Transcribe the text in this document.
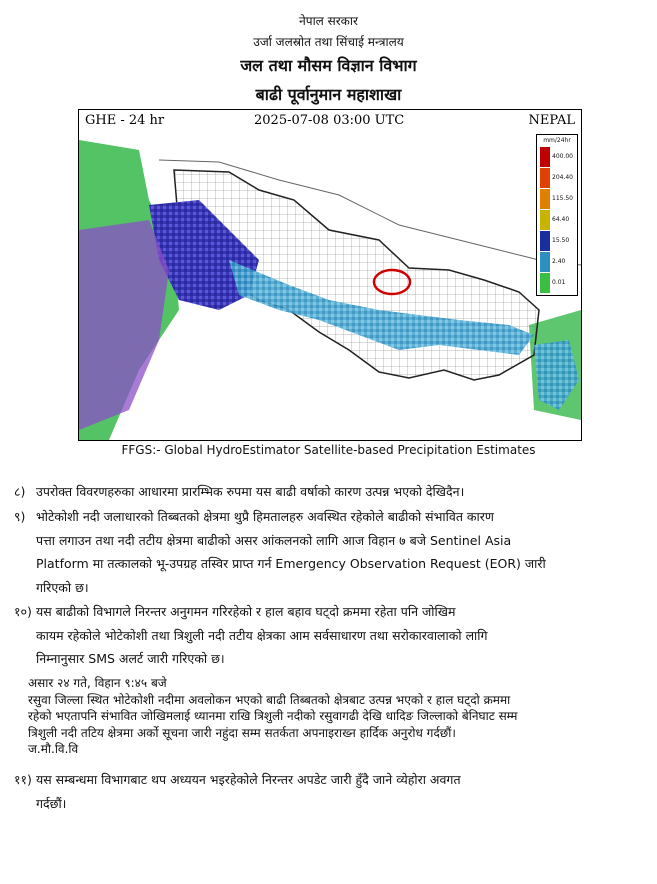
नेपाल सरकार
उर्जा जलस्रोत तथा सिंचाई मन्त्रालय
जल तथा मौसम विज्ञान विभाग
बाढी पूर्वानुमान महाशाखा
GHE - 24 hr	2025-07-08 03:00 UTC	NEPAL
mm/24hr
400.00
204.40
115.50
64.40
15.50
2.40
0.01
FFGS:- Global HydroEstimator Satellite-based Precipitation Estimates
८) उपरोक्त विवरणहरुका आधारमा प्रारम्भिक रुपमा यस बाढी वर्षाको कारण उत्पन्न भएको देखिदैन।
९) भोटेकोशी नदी जलाधारको तिब्बतको क्षेत्रमा थुप्रै हिमतालहरु अवस्थित रहेकोले बाढीको संभावित कारण
पत्ता लगाउन तथा नदी तटीय क्षेत्रमा बाढीको असर आंकलनको लागि आज विहान ७ बजे Sentinel Asia
Platform मा तत्कालको भू-उपग्रह तस्विर प्राप्त गर्न Emergency Observation Request (EOR) जारी
गरिएको छ।
१०) यस बाढीको विभागले निरन्तर अनुगमन गरिरहेको र हाल बहाव घट्दो क्रममा रहेता पनि जोखिम
कायम रहेकोले भोटेकोशी तथा त्रिशुली नदी तटीय क्षेत्रका आम सर्वसाधारण तथा सरोकारवालाको लागि
निम्नानुसार SMS अलर्ट जारी गरिएको छ।
असार २४ गते, विहान ९:४५ बजे
रसुवा जिल्ला स्थित भोटेकोशी नदीमा अवलोकन भएको बाढी तिब्बतको क्षेत्रबाट उत्पन्न भएको र हाल घट्दो क्रममा
रहेको भएतापनि संभावित जोखिमलाई ध्यानमा राखि त्रिशुली नदीको रसुवागढी देखि धादिङ जिल्लाको बेनिघाट सम्म
त्रिशुली नदी तटिय क्षेत्रमा अर्को सूचना जारी नहुंदा सम्म सतर्कता अपनाइराख्न हार्दिक अनुरोध गर्दछौं।
ज.मौ.वि.वि
११) यस सम्बन्धमा विभागबाट थप अध्ययन भइरहेकोले निरन्तर अपडेट जारी हुँदै जाने व्येहोरा अवगत
गर्दछौं।
